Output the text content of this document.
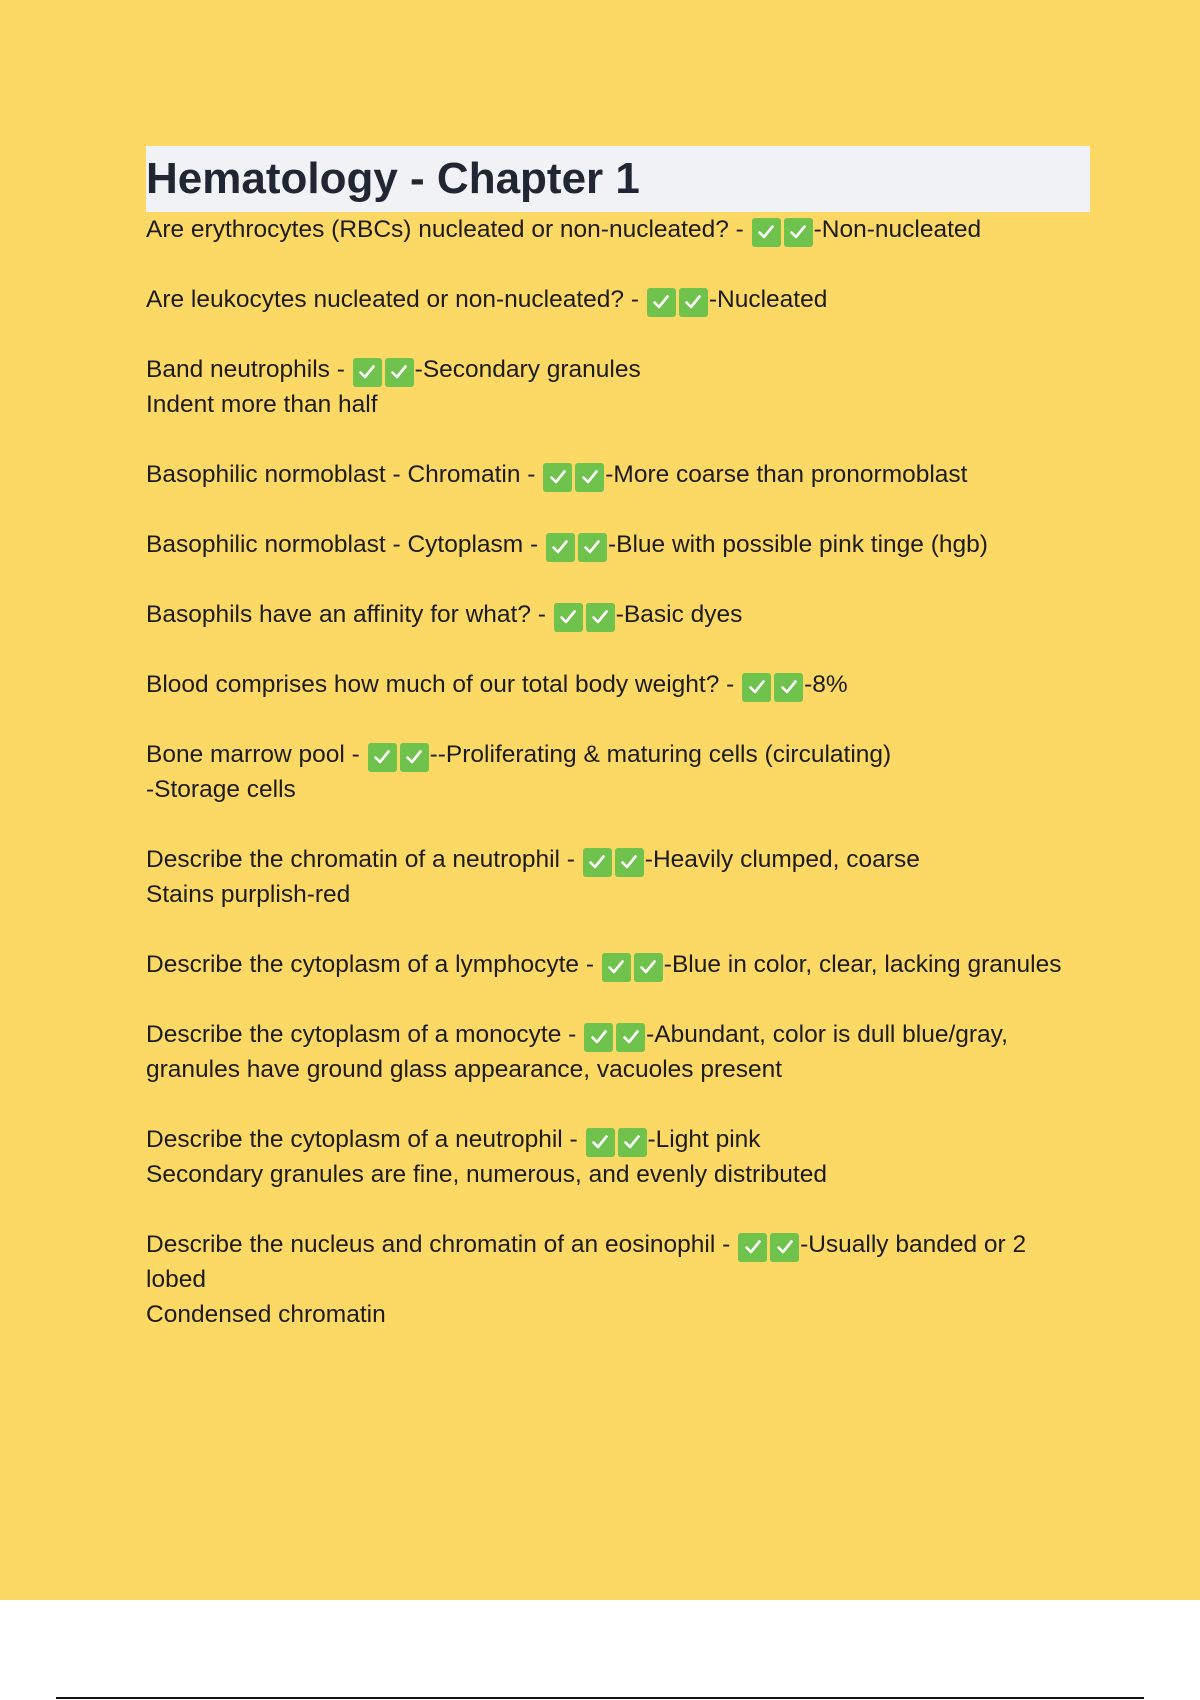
Hematology - Chapter 1
Are erythrocytes (RBCs) nucleated or non-nucleated? -	-Non-nucleated
Are leukocytes nucleated or non-nucleated? -	-Nucleated
Band neutrophils -	-Secondary granules
Indent more than half
Basophilic normoblast - Chromatin -	-More coarse than pronormoblast
Basophilic normoblast - Cytoplasm -	-Blue with possible pink tinge (hgb)
Basophils have an affinity for what? -	-Basic dyes
Blood comprises how much of our total body weight? -	-8%
Bone marrow pool -	--Proliferating & maturing cells (circulating)
-Storage cells
Describe the chromatin of a neutrophil -	-Heavily clumped, coarse
Stains purplish-red
Describe the cytoplasm of a lymphocyte -	-Blue in color, clear, lacking granules
Describe the cytoplasm of a monocyte -	-Abundant, color is dull blue/gray, granules have ground glass appearance, vacuoles present
Describe the cytoplasm of a neutrophil -	-Light pink
Secondary granules are fine, numerous, and evenly distributed
Describe the nucleus and chromatin of an eosinophil -	-Usually banded or 2 lobed
Condensed chromatin
